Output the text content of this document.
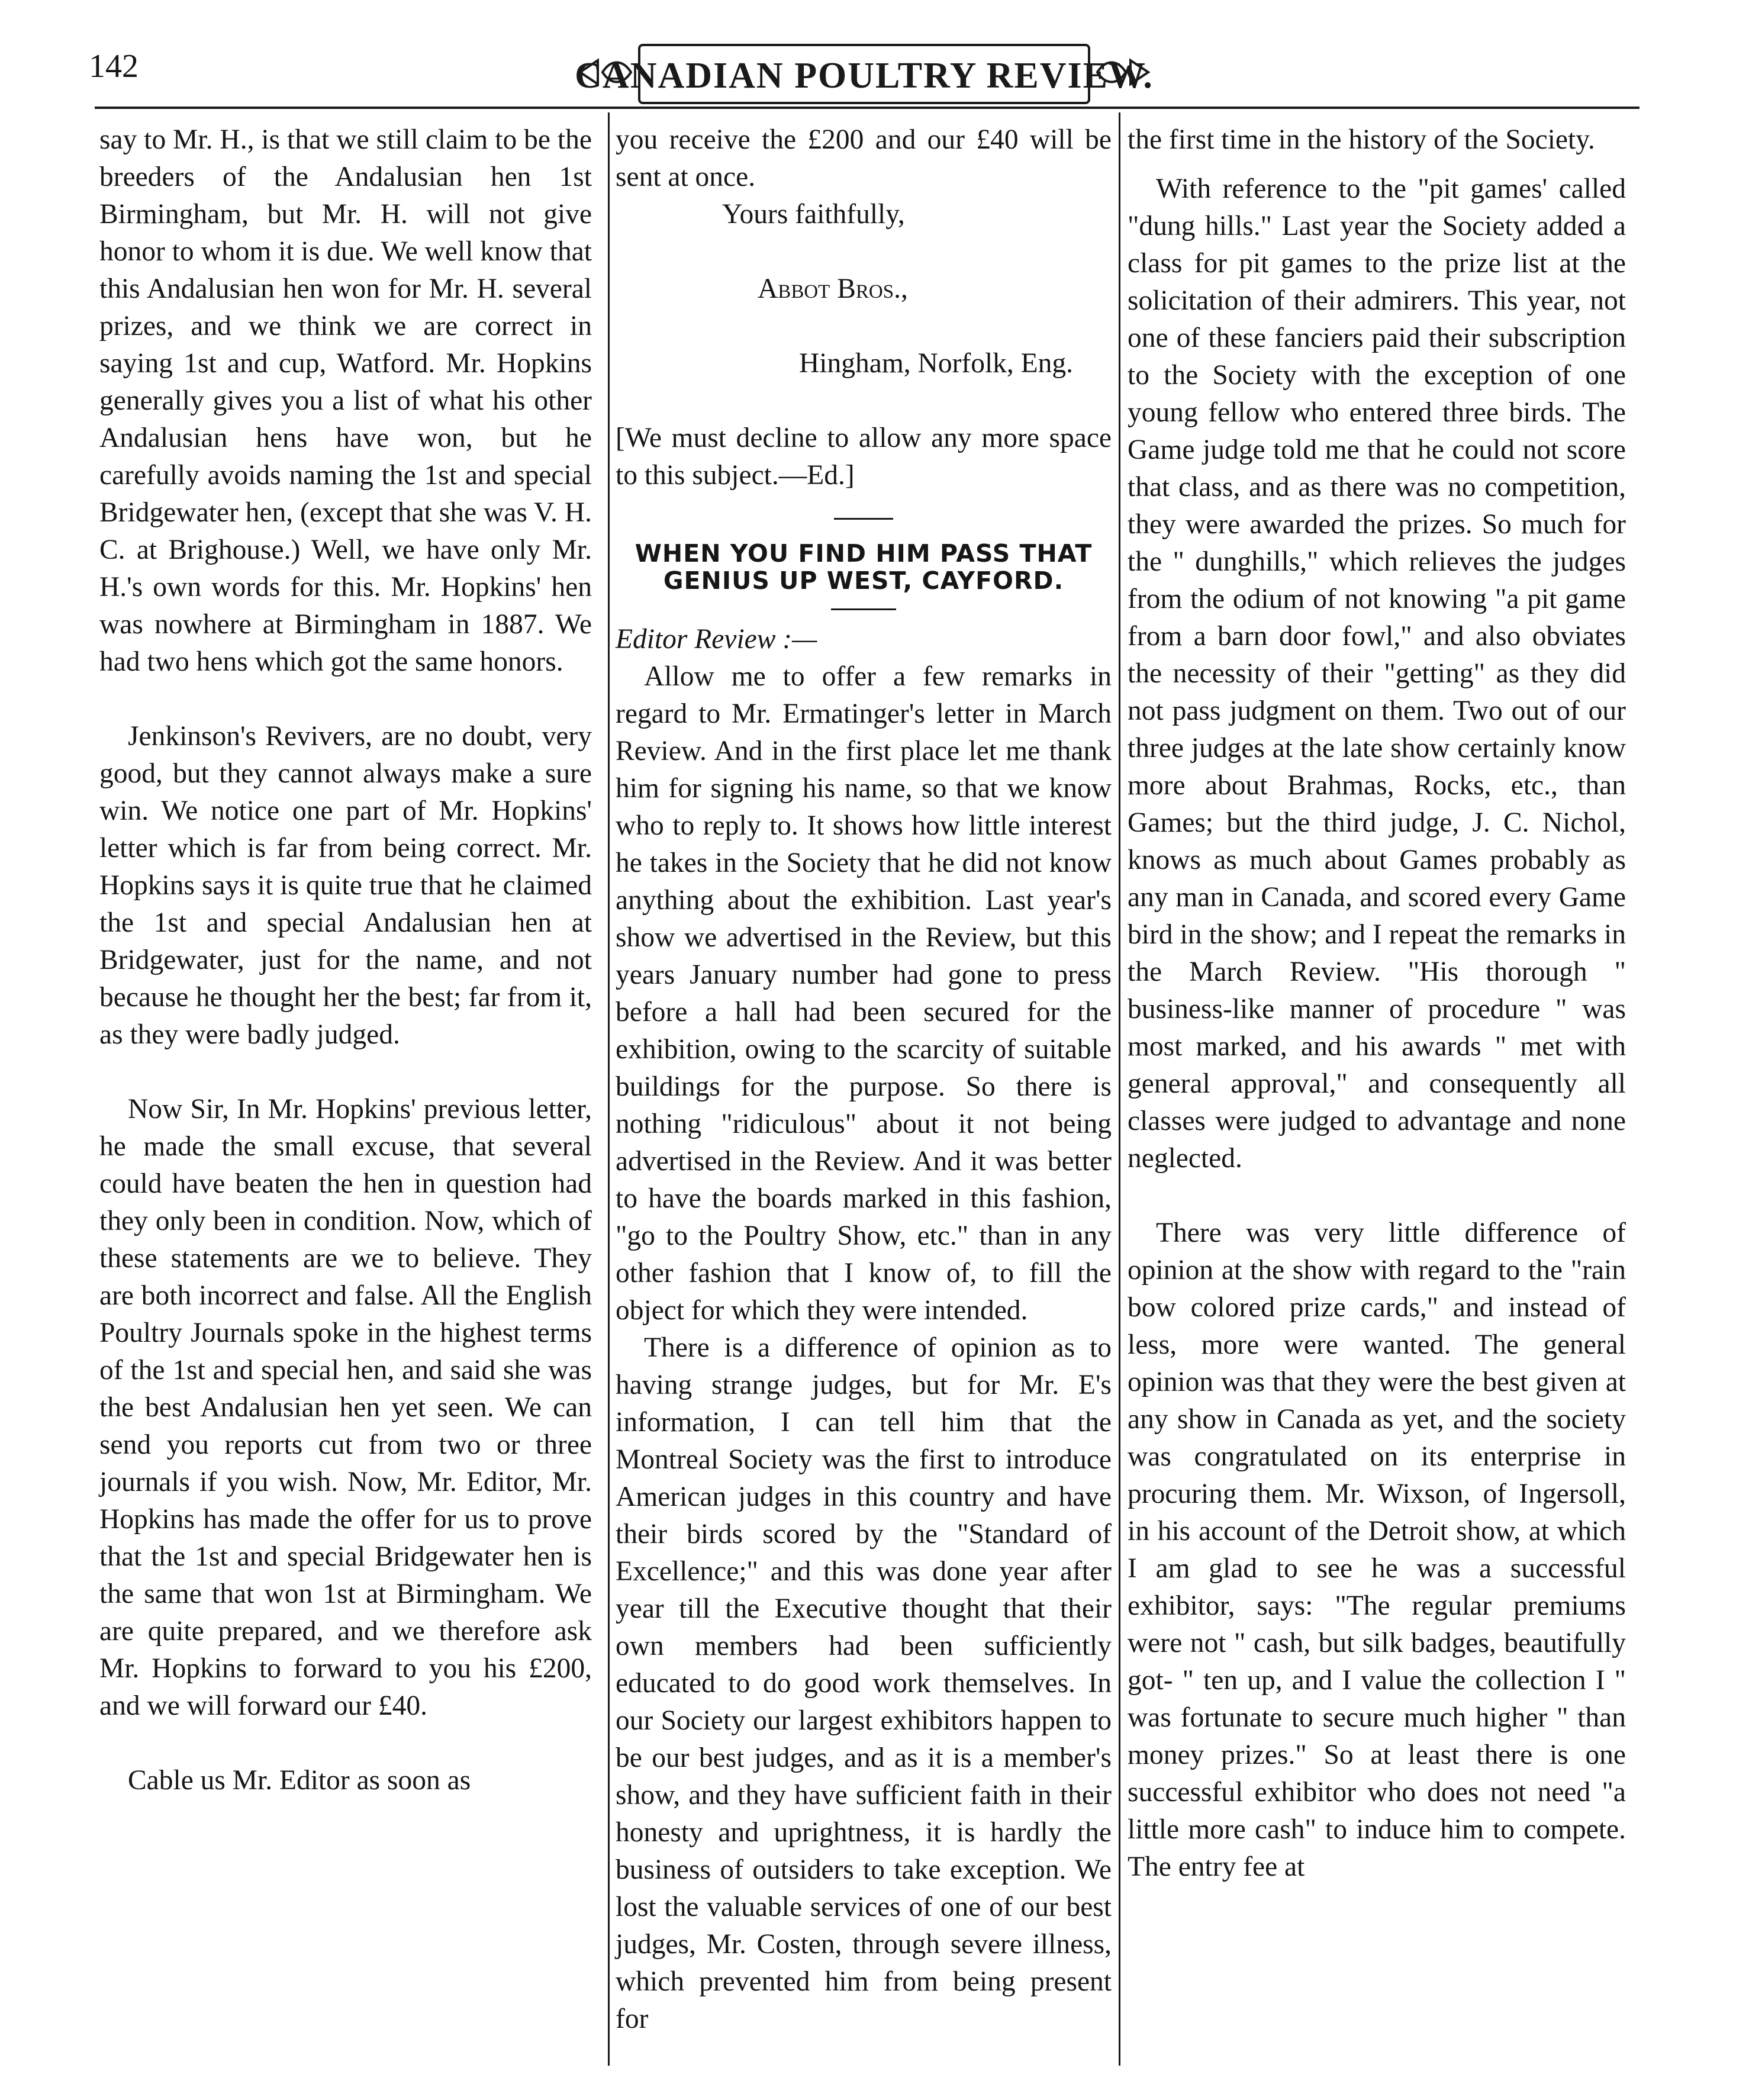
142	CANADIAN POULTRY REVIEW.

say to Mr. H., is that we still claim to be the breeders of the Andalusian hen 1st Birmingham, but Mr. H. will not give honor to whom it is due. We well know that this Andalusian hen won for Mr. H. several prizes, and we think we are correct in saying 1st and cup, Watford. Mr. Hopkins generally gives you a list of what his other Andalusian hens have won, but he carefully avoids naming the 1st and special Bridgewater hen, (except that she was V. H. C. at Brighouse.) Well, we have only Mr. H.'s own words for this. Mr. Hopkins' hen was nowhere at Birmingham in 1887. We had two hens which got the same honors.

Jenkinson's Revivers, are no doubt, very good, but they cannot always make a sure win. We notice one part of Mr. Hopkins' letter which is far from being correct. Mr. Hopkins says it is quite true that he claimed the 1st and special Andalusian hen at Bridgewater, just for the name, and not because he thought her the best; far from it, as they were badly judged.

Now Sir, In Mr. Hopkins' previous letter, he made the small excuse, that several could have beaten the hen in question had they only been in condition. Now, which of these statements are we to believe. They are both incorrect and false. All the English Poultry Journals spoke in the highest terms of the 1st and special hen, and said she was the best Andalusian hen yet seen. We can send you reports cut from two or three journals if you wish. Now, Mr. Editor, Mr. Hopkins has made the offer for us to prove that the 1st and special Bridgewater hen is the same that won 1st at Birmingham. We are quite prepared, and we therefore ask Mr. Hopkins to forward to you his £200, and we will forward our £40.

Cable us Mr. Editor as soon as

you receive the £200 and our £40 will be sent at once.

Yours faithfully,

Abbot Bros.,

Hingham, Norfolk, Eng.

[We must decline to allow any more space to this subject.—Ed.]

WHEN YOU FIND HIM PASS THAT GENIUS UP WEST, CAYFORD.

Editor Review :—

Allow me to offer a few remarks in regard to Mr. Ermatinger's letter in March Review. And in the first place let me thank him for signing his name, so that we know who to reply to. It shows how little interest he takes in the Society that he did not know anything about the exhibition. Last year's show we advertised in the Review, but this years January number had gone to press before a hall had been secured for the exhibition, owing to the scarcity of suitable buildings for the purpose. So there is nothing "ridiculous" about it not being advertised in the Review. And it was better to have the boards marked in this fashion, "go to the Poultry Show, etc." than in any other fashion that I know of, to fill the object for which they were intended.

There is a difference of opinion as to having strange judges, but for Mr. E's information, I can tell him that the Montreal Society was the first to introduce American judges in this country and have their birds scored by the "Standard of Excellence;" and this was done year after year till the Executive thought that their own members had been sufficiently educated to do good work themselves. In our Society our largest exhibitors happen to be our best judges, and as it is a member's show, and they have sufficient faith in their honesty and uprightness, it is hardly the business of outsiders to take exception. We lost the valuable services of one of our best judges, Mr. Costen, through severe illness, which prevented him from being present for

the first time in the history of the Society.

With reference to the "pit games' called "dung hills." Last year the Society added a class for pit games to the prize list at the solicitation of their admirers. This year, not one of these fanciers paid their subscription to the Society with the exception of one young fellow who entered three birds. The Game judge told me that he could not score that class, and as there was no competition, they were awarded the prizes. So much for the " dunghills," which relieves the judges from the odium of not knowing "a pit game from a barn door fowl," and also obviates the necessity of their "getting" as they did not pass judgment on them. Two out of our three judges at the late show certainly know more about Brahmas, Rocks, etc., than Games; but the third judge, J. C. Nichol, knows as much about Games probably as any man in Canada, and scored every Game bird in the show; and I repeat the remarks in the March Review. "His thorough " business-like manner of procedure " was most marked, and his awards " met with general approval," and consequently all classes were judged to advantage and none neglected.

There was very little difference of opinion at the show with regard to the "rain bow colored prize cards," and instead of less, more were wanted. The general opinion was that they were the best given at any show in Canada as yet, and the society was congratulated on its enterprise in procuring them. Mr. Wixson, of Ingersoll, in his account of the Detroit show, at which I am glad to see he was a successful exhibitor, says: "The regular premiums were not " cash, but silk badges, beautifully got- " ten up, and I value the collection I " was fortunate to secure much higher " than money prizes." So at least there is one successful exhibitor who does not need "a little more cash" to induce him to compete. The entry fee at
